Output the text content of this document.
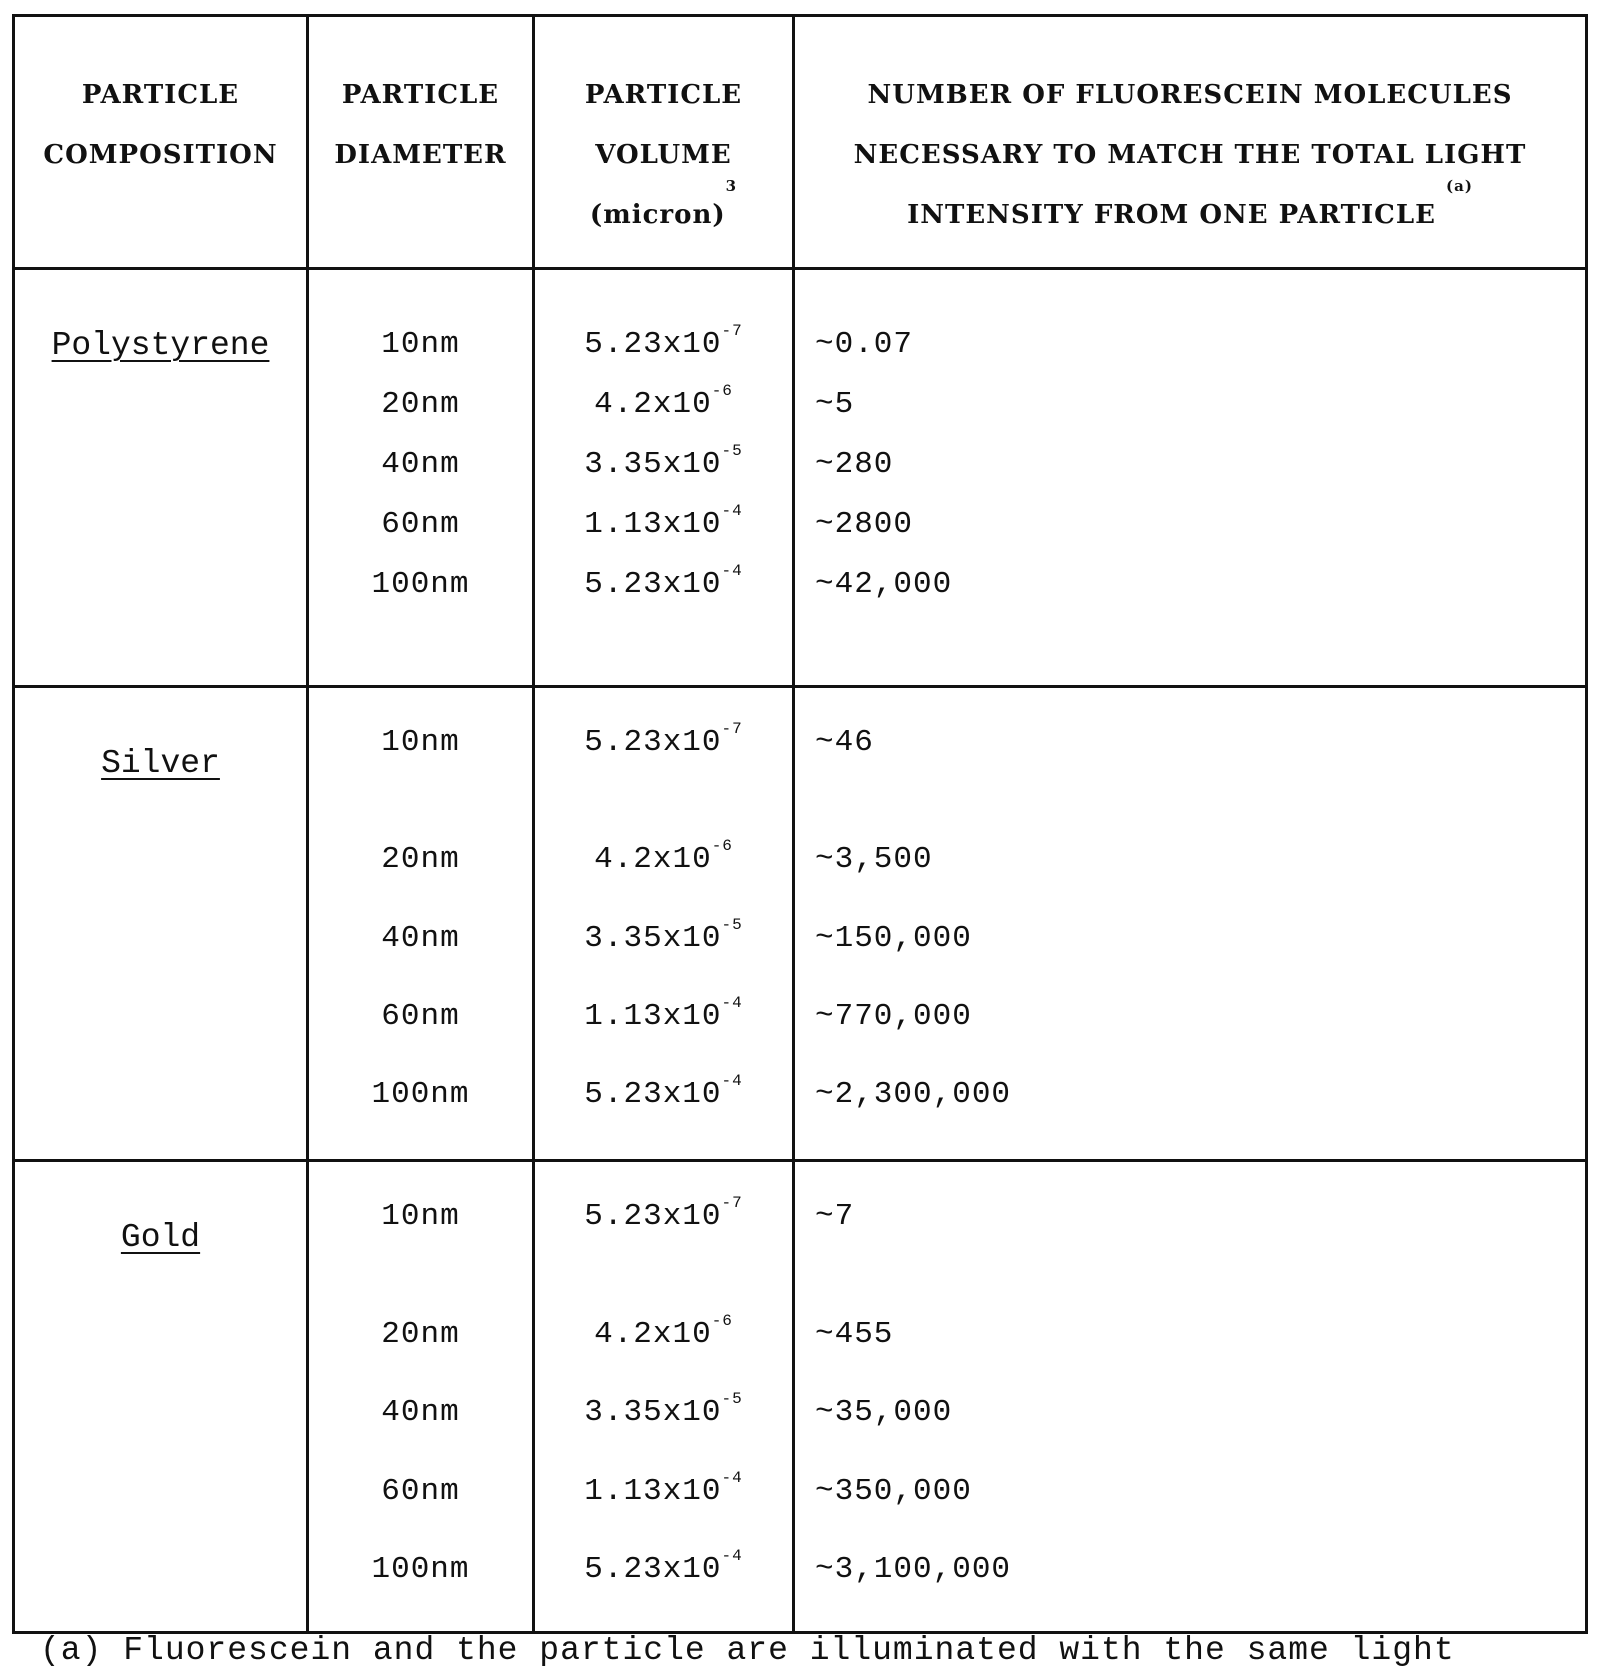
PARTICLE
COMPOSITION
PARTICLE
DIAMETER
PARTICLE
VOLUME
(micron)3
NUMBER OF FLUORESCEIN MOLECULES
NECESSARY TO MATCH THE TOTAL LIGHT
INTENSITY FROM ONE PARTICLE (a)
Polystyrene	10nm	5.23x10-7	~0.07
20nm	4.2x10-6	~5
40nm	3.35x10-5	~280
60nm	1.13x10-4	~2800
100nm	5.23x10-4	~42,000
Silver
10nm	5.23x10-7	~46
20nm	4.2x10-6	~3,500
40nm	3.35x10-5	~150,000
60nm	1.13x10-4	~770,000
100nm	5.23x10-4	~2,300,000
Gold
10nm	5.23x10-7	~7
20nm	4.2x10-6	~455
40nm	3.35x10-5	~35,000
60nm	1.13x10-4	~350,000
100nm	5.23x10-4	~3,100,000
(a) Fluorescein and the particle are illuminated with the same light
